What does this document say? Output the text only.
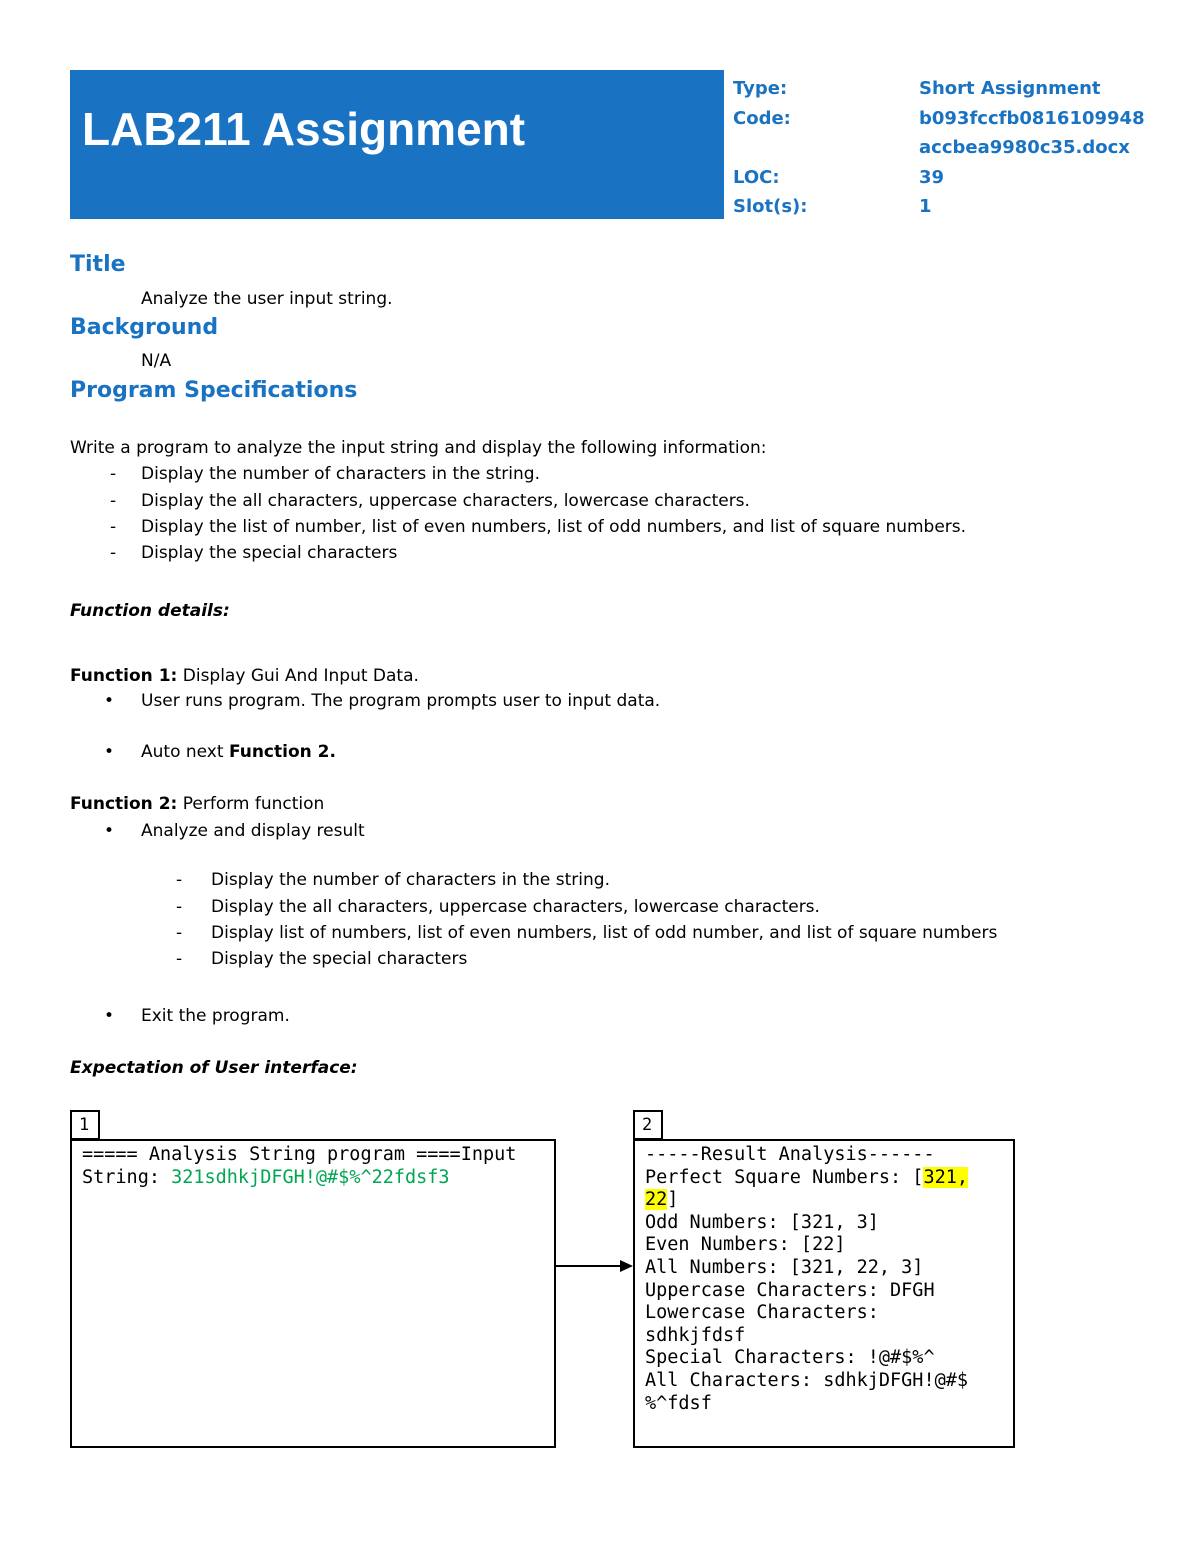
LAB211 Assignment
Type:	Short Assignment
Code:	b093fccfb0816109948
accbea9980c35.docx
LOC:	39
Slot(s):	1
Title
Analyze the user input string.
Background
N/A
Program Specifications
Write a program to analyze the input string and display the following information:
- Display the number of characters in the string.
- Display the all characters, uppercase characters, lowercase characters.
- Display the list of number, list of even numbers, list of odd numbers, and list of square numbers.
- Display the special characters
Function details:
Function 1: Display Gui And Input Data.
• User runs program. The program prompts user to input data.
• Auto next Function 2.
Function 2: Perform function
• Analyze and display result
- Display the number of characters in the string.
- Display the all characters, uppercase characters, lowercase characters.
- Display list of numbers, list of even numbers, list of odd number, and list of square numbers
- Display the special characters
• Exit the program.
Expectation of User interface:
1
===== Analysis String program ====Input
String: 321sdhkjDFGH!@#$%^22fdsf3
2
-----Result Analysis------
Perfect Square Numbers: [321,
22]
Odd Numbers: [321, 3]
Even Numbers: [22]
All Numbers: [321, 22, 3]
Uppercase Characters: DFGH
Lowercase Characters:
sdhkjfdsf
Special Characters: !@#$%^
All Characters: sdhkjDFGH!@#$
%^fdsf
